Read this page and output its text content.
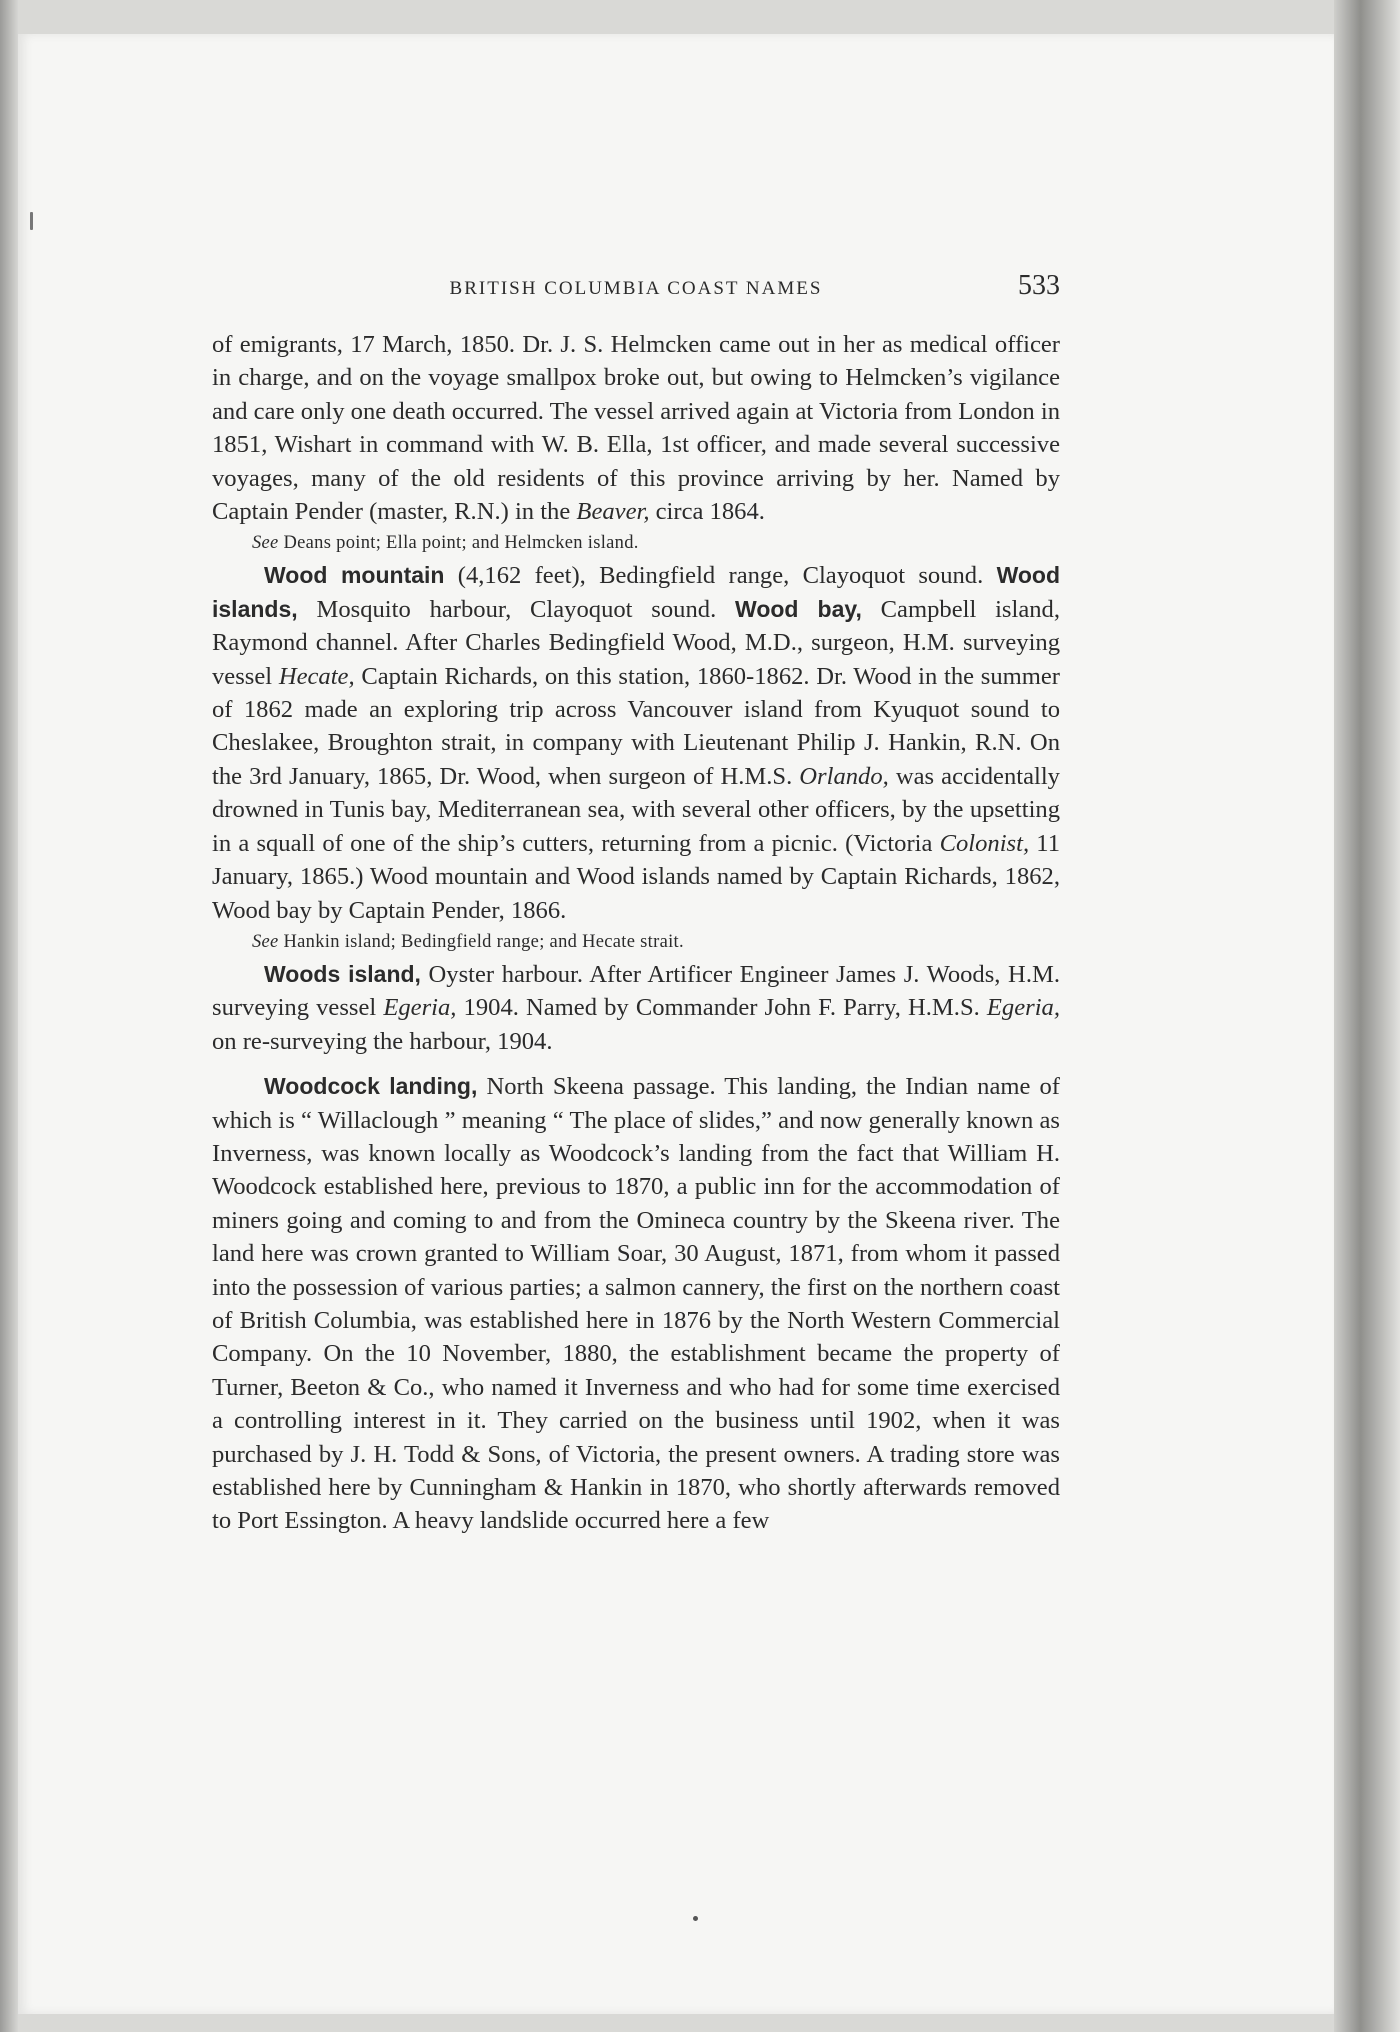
BRITISH COLUMBIA COAST NAMES	533

of emigrants, 17 March, 1850. Dr. J. S. Helmcken came out in her as medical officer in charge, and on the voyage smallpox broke out, but owing to Helmcken’s vigilance and care only one death occurred. The vessel arrived again at Victoria from London in 1851, Wishart in command with W. B. Ella, 1st officer, and made several successive voyages, many of the old residents of this province arriving by her. Named by Captain Pender (master, R.N.) in the Beaver, circa 1864.

See Deans point; Ella point; and Helmcken island.

Wood mountain (4,162 feet), Bedingfield range, Clayoquot sound. Wood islands, Mosquito harbour, Clayoquot sound. Wood bay, Campbell island, Raymond channel. After Charles Bedingfield Wood, M.D., surgeon, H.M. surveying vessel Hecate, Captain Richards, on this station, 1860-1862. Dr. Wood in the summer of 1862 made an exploring trip across Vancouver island from Kyuquot sound to Cheslakee, Broughton strait, in company with Lieutenant Philip J. Hankin, R.N. On the 3rd January, 1865, Dr. Wood, when surgeon of H.M.S. Orlando, was accidentally drowned in Tunis bay, Mediterranean sea, with several other officers, by the upsetting in a squall of one of the ship’s cutters, returning from a picnic. (Victoria Colonist, 11 January, 1865.) Wood mountain and Wood islands named by Captain Richards, 1862, Wood bay by Captain Pender, 1866.

See Hankin island; Bedingfield range; and Hecate strait.

Woods island, Oyster harbour. After Artificer Engineer James J. Woods, H.M. surveying vessel Egeria, 1904. Named by Commander John F. Parry, H.M.S. Egeria, on re-surveying the harbour, 1904.

Woodcock landing, North Skeena passage. This landing, the Indian name of which is “ Willaclough ” meaning “ The place of slides,” and now generally known as Inverness, was known locally as Woodcock’s landing from the fact that William H. Woodcock established here, previous to 1870, a public inn for the accommodation of miners going and coming to and from the Omineca country by the Skeena river. The land here was crown granted to William Soar, 30 August, 1871, from whom it passed into the possession of various parties; a salmon cannery, the first on the northern coast of British Columbia, was established here in 1876 by the North Western Commercial Company. On the 10 November, 1880, the establishment became the property of Turner, Beeton & Co., who named it Inverness and who had for some time exercised a controlling interest in it. They carried on the business until 1902, when it was purchased by J. H. Todd & Sons, of Victoria, the present owners. A trading store was established here by Cunningham & Hankin in 1870, who shortly afterwards removed to Port Essington. A heavy landslide occurred here a few
